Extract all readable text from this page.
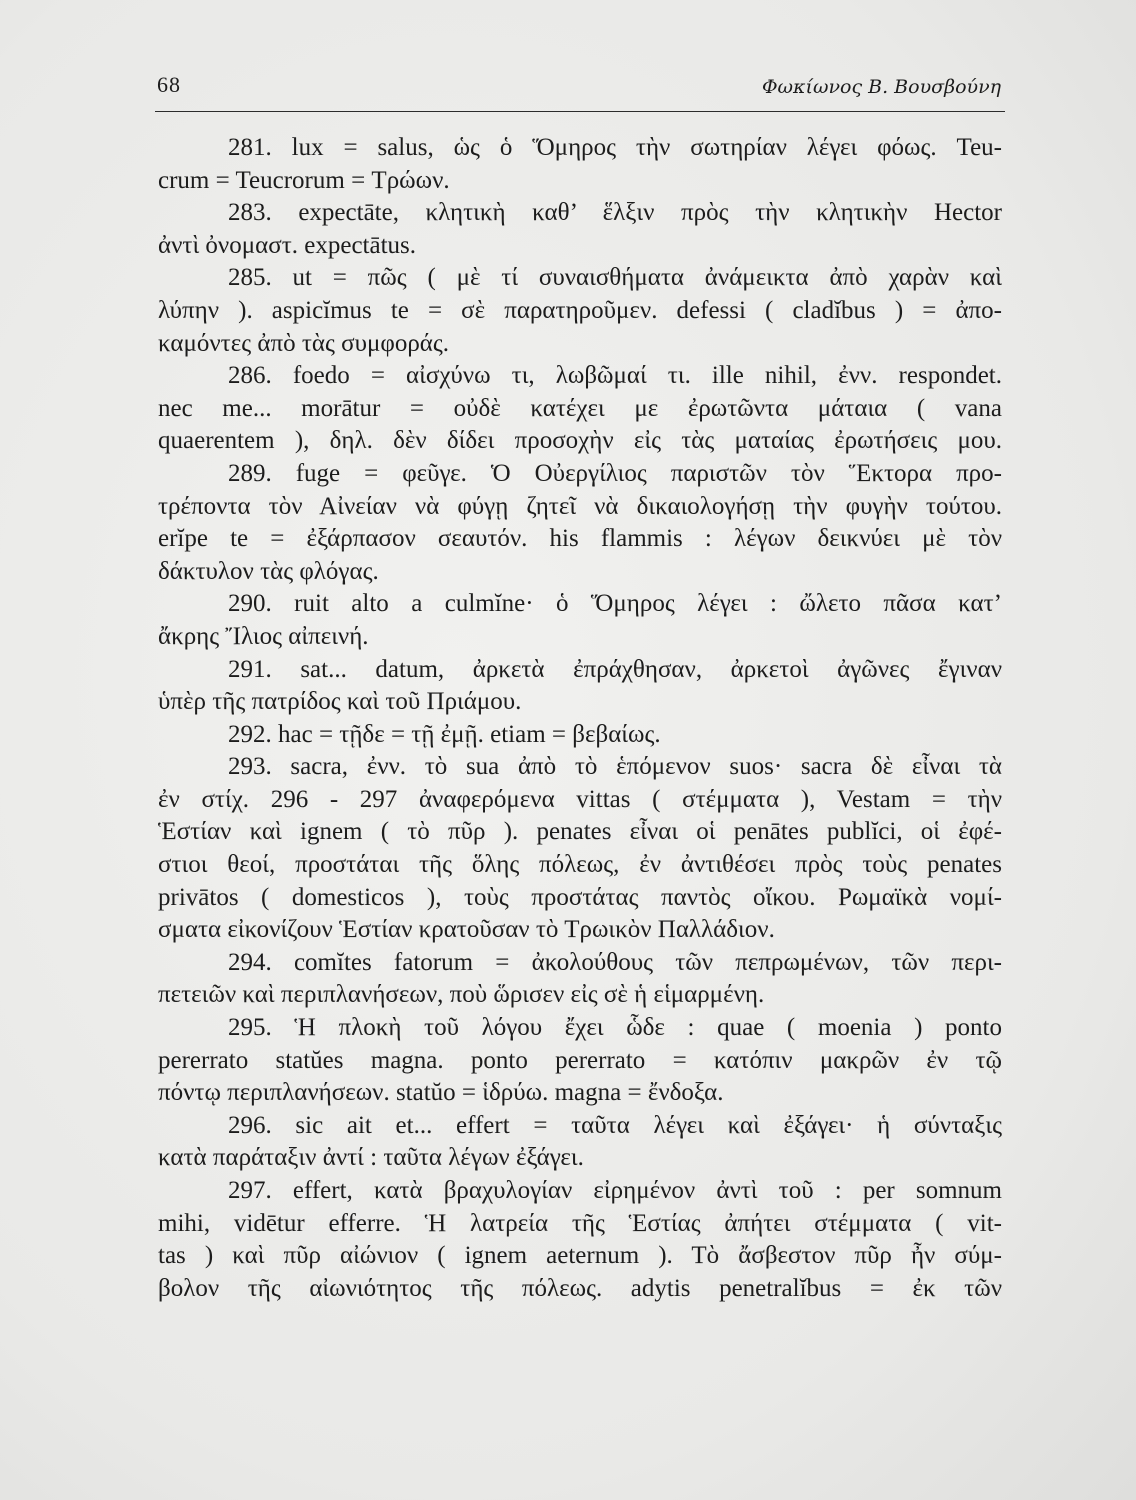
68	Φωκίωνος Β. Βουσβούνη
281. lux = salus, ὡς ὁ Ὅμηρος τὴν σωτηρίαν λέγει φόως. Teu-
crum = Teucrorum = Τρώων.
283. expectāte, κλητικὴ καθ’ ἕλξιν πρὸς τὴν κλητικὴν Hector
ἀντὶ ὀνομαστ. expectātus.
285. ut = πῶς ( μὲ τί συναισθήματα ἀνάμεικτα ἀπὸ χαρὰν καὶ
λύπην ). aspicĭmus te = σὲ παρατηροῦμεν. defessi ( cladĭbus ) = ἀπο-
καμόντες ἀπὸ τὰς συμφοράς.
286. foedo = αἰσχύνω τι, λωβῶμαί τι. ille nihil, ἐνν. respondet.
nec me... morātur = οὐδὲ κατέχει με ἐρωτῶντα μάταια ( vana
quaerentem ), δηλ. δὲν δίδει προσοχὴν εἰς τὰς ματαίας ἐρωτήσεις μου.
289. fuge = φεῦγε. Ὁ Οὐεργίλιος παριστῶν τὸν Ἕκτορα προ-
τρέποντα τὸν Αἰνείαν νὰ φύγῃ ζητεῖ νὰ δικαιολογήσῃ τὴν φυγὴν τούτου.
erĭpe te = ἐξάρπασον σεαυτόν. his flammis : λέγων δεικνύει μὲ τὸν
δάκτυλον τὰς φλόγας.
290. ruit alto a culmĭne· ὁ Ὅμηρος λέγει : ὤλετο πᾶσα κατ’
ἄκρης Ἴλιος αἰπεινή.
291. sat... datum, ἀρκετὰ ἐπράχθησαν, ἀρκετοὶ ἀγῶνες ἔγιναν
ὑπὲρ τῆς πατρίδος καὶ τοῦ Πριάμου.
292. hac = τῇδε = τῇ ἐμῇ. etiam = βεβαίως.
293. sacra, ἐνν. τὸ sua ἀπὸ τὸ ἑπόμενον suos· sacra δὲ εἶναι τὰ
ἐν στίχ. 296 - 297 ἀναφερόμενα vittas ( στέμματα ), Vestam = τὴν
Ἑστίαν καὶ ignem ( τὸ πῦρ ). penates εἶναι οἱ penātes publĭci, οἱ ἐφέ-
στιοι θεοί, προστάται τῆς ὅλης πόλεως, ἐν ἀντιθέσει πρὸς τοὺς penates
privātos ( domesticos ), τοὺς προστάτας παντὸς οἴκου. Ρωμαϊκὰ νομί-
σματα εἰκονίζουν Ἑστίαν κρατοῦσαν τὸ Τρωικὸν Παλλάδιον.
294. comĭtes fatorum = ἀκολούθους τῶν πεπρωμένων, τῶν περι-
πετειῶν καὶ περιπλανήσεων, ποὺ ὥρισεν εἰς σὲ ἡ εἱμαρμένη.
295. Ἡ πλοκὴ τοῦ λόγου ἔχει ὧδε : quae ( moenia ) ponto
pererrato statŭes magna. ponto pererrato = κατόπιν μακρῶν ἐν τῷ
πόντῳ περιπλανήσεων. statŭo = ἱδρύω. magna = ἔνδοξα.
296. sic ait et... effert = ταῦτα λέγει καὶ ἐξάγει· ἡ σύνταξις
κατὰ παράταξιν ἀντί : ταῦτα λέγων ἐξάγει.
297. effert, κατὰ βραχυλογίαν εἰρημένον ἀντὶ τοῦ : per somnum
mihi, vidētur efferre. Ἡ λατρεία τῆς Ἑστίας ἀπήτει στέμματα ( vit-
tas ) καὶ πῦρ αἰώνιον ( ignem aeternum ). Τὸ ἄσβεστον πῦρ ἦν σύμ-
βολον τῆς αἰωνιότητος τῆς πόλεως. adytis penetralĭbus = ἐκ τῶν
